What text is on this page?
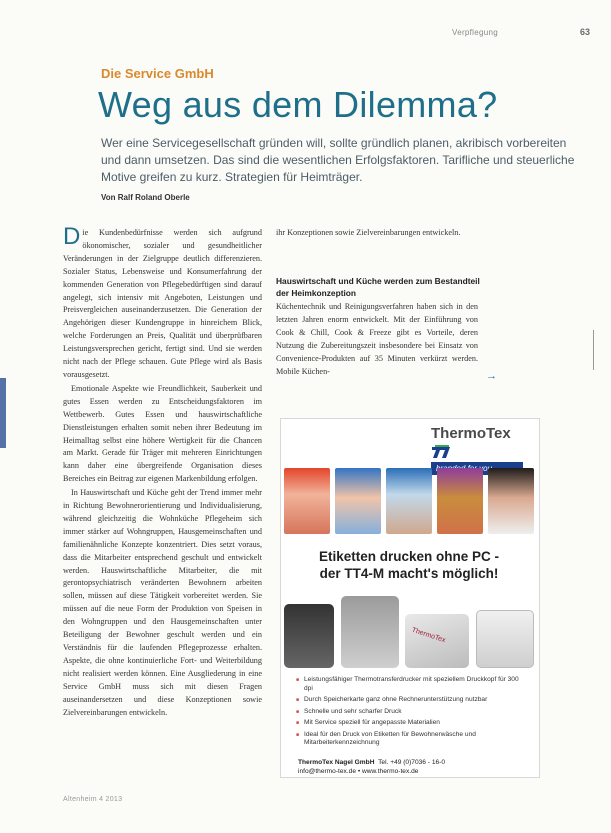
Verpflegung	63
Die Service GmbH
Weg aus dem Dilemma?
Wer eine Servicegesellschaft gründen will, sollte gründlich planen, akribisch vorbereiten und dann umsetzen. Das sind die wesentlichen Erfolgsfaktoren. Tarifliche und steuerliche Motive greifen zu kurz. Strategien für Heimträger.
Von Ralf Roland Oberle

Die Kundenbedürfnisse werden sich aufgrund ökonomischer, sozialer und gesundheitlicher Veränderungen in der Zielgruppe deutlich differenzieren. Sozialer Status, Lebensweise und Konsumerfahrung der kommenden Generation von Pflegebedürftigen sind darauf angelegt, sich intensiv mit Angeboten, Leistungen und Preisvergleichen auseinanderzusetzen. Die Generation der Angehörigen dieser Kundengruppe in hinreichem Blick, welche Forderungen an Preis, Qualität und überprüfbaren Leistungsversprechen gericht, fertigt sind. Und sie werden nicht nach der Pflege schauen. Gute Pflege wird als Basis vorausgesetzt.

Emotionale Aspekte wie Freundlichkeit, Sauberkeit und gutes Essen werden zu Entscheidungsfaktoren im Wettbewerb. Gutes Essen und hauswirtschaftliche Dienstleistungen erhalten somit neben ihrer Bedeutung im Heimalltag selbst eine höhere Wertigkeit für die Chancen am Markt. Gerade für Träger mit mehreren Einrichtungen kann daher eine übergreifende Organisation dieses Bereiches ein Beitrag zur eigenen Markenbildung erfolgen.

In Hauswirtschaft und Küche geht der Trend immer mehr in Richtung Bewohnerorientierung und Individualisierung, während gleichzeitig die Wohnküche Pflegeheim sich immer stärker auf Wohngruppen, Hausgemeinschaften und familienähnliche Konzepte konzentriert. Dies setzt voraus, dass die Mitarbeiter entsprechend geschult und entwickelt werden. Hauswirtschaftliche Mitarbeiter, die mit gerontopsychiatrisch veränderten Bewohnern arbeiten sollen, müssen auf diese Tätigkeit vorbereitet werden. Sie müssen auf die neue Form der Produktion von Speisen in den Wohngruppen und den Hausgemeinschaften unter Beteiligung der Bewohner geschult werden und ein Verständnis für die laufenden Pflegeprozesse erhalten. Aspekte, die ohne kontinuierliche Fort- und Weiterbildung nicht realisiert werden können. Eine Ausgliederung in eine Service GmbH muss sich mit diesen Fragen auseinandersetzen und diese Konzeptionen sowie Zielvereinbarungen entwickeln.

ihr Konzeptionen sowie Zielvereinbarungen entwickeln.

Hauswirtschaft und Küche werden zum Bestandteil der Heimkonzeption
Küchentechnik und Reinigungsverfahren haben sich in den letzten Jahren enorm entwickelt. Mit der Einführung von Cook & Chill, Cook & Freeze gibt es Vorteile, deren Nutzung die Zubereitungszeit insbesondere bei Einsatz von Convenience-Produkten auf 35 Minuten verkürzt werden. Mobile Küchen-	→
ThermoTex
you
Etiketten drucken ohne PC -
der TT4-M macht's möglich!
ThermoTex
■ Leistungsfähiger Thermotransferdrucker mit speziellem Druckkopf für 300 dpi
■ Durch Speicherkarte ganz ohne Rechnerunterstützung nutzbar
■ Schnelle und sehr scharfer Druck
■ Mit Service speziell für angepasste Materialien
■ Ideal für den Druck von Etiketten für Bewohnerwäsche und Mitarbeiterkennzeichnung
ThermoTex Nagel GmbH Tel. +49 (0)7036 - 16-0
info@thermo-tex.de • www.thermo-tex.de
Altenheim 4 2013
